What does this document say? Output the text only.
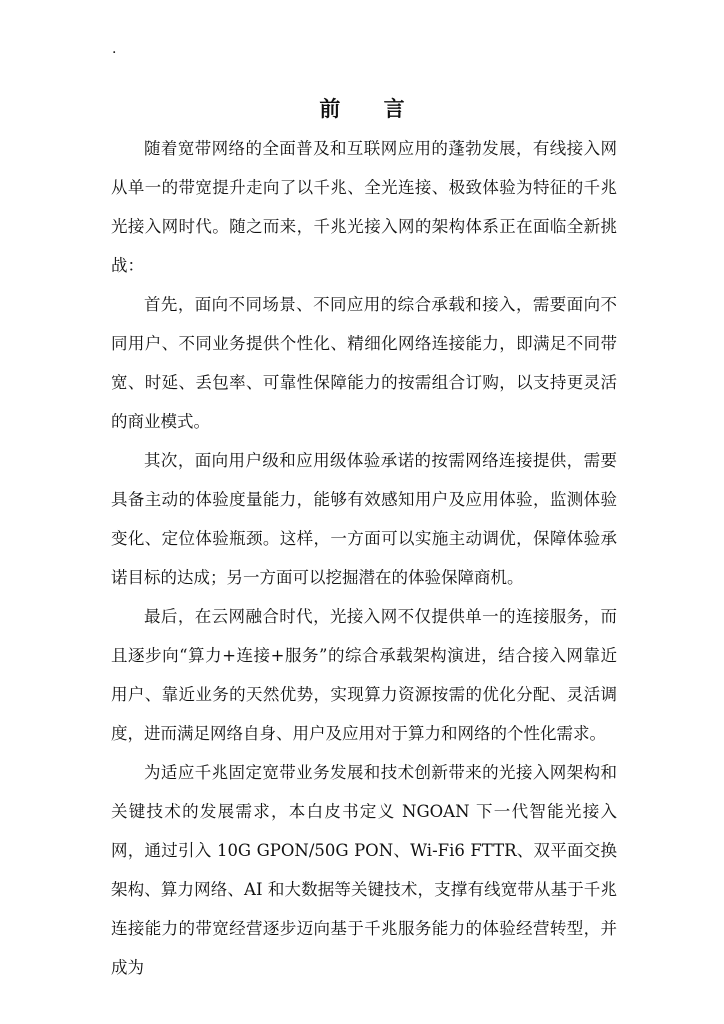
·
前 言

随着宽带网络的全面普及和互联网应用的蓬勃发展，有线接入网从单一的带宽提升走向了以千兆、全光连接、极致体验为特征的千兆光接入网时代。随之而来，千兆光接入网的架构体系正在面临全新挑战：

首先，面向不同场景、不同应用的综合承载和接入，需要面向不同用户、不同业务提供个性化、精细化网络连接能力，即满足不同带宽、时延、丢包率、可靠性保障能力的按需组合订购，以支持更灵活的商业模式。

其次，面向用户级和应用级体验承诺的按需网络连接提供，需要具备主动的体验度量能力，能够有效感知用户及应用体验，监测体验变化、定位体验瓶颈。这样，一方面可以实施主动调优，保障体验承诺目标的达成；另一方面可以挖掘潜在的体验保障商机。

最后，在云网融合时代，光接入网不仅提供单一的连接服务，而且逐步向“算力+连接+服务”的综合承载架构演进，结合接入网靠近用户、靠近业务的天然优势，实现算力资源按需的优化分配、灵活调度，进而满足网络自身、用户及应用对于算力和网络的个性化需求。

为适应千兆固定宽带业务发展和技术创新带来的光接入网架构和关键技术的发展需求，本白皮书定义 NGOAN 下一代智能光接入网，通过引入 10G GPON/50G PON、Wi-Fi6 FTTR、双平面交换架构、算力网络、AI 和大数据等关键技术，支撑有线宽带从基于千兆连接能力的带宽经营逐步迈向基于千兆服务能力的体验经营转型，并成为
